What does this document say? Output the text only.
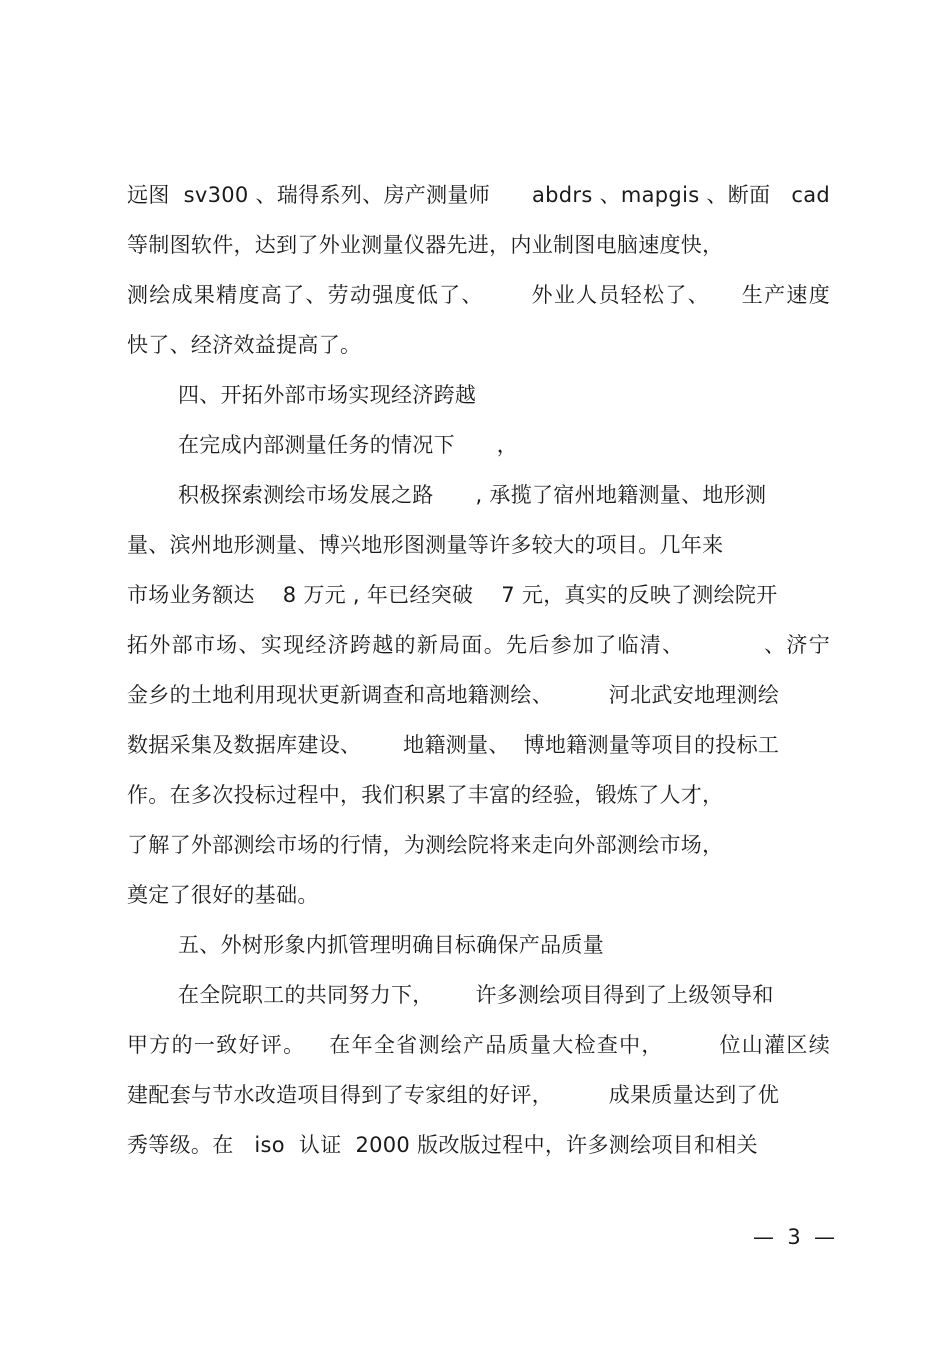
远图  sv300 、瑞得系列、房产测量师      abdrs 、mapgis 、断面   cad
等制图软件，达到了外业测量仪器先进，内业制图电脑速度快，
测绘成果精度高了、劳动强度低了、      外业人员轻松了、    生产速度
快了、经济效益提高了。
四、开拓外部市场实现经济跨越
在完成内部测量任务的情况下      ，
积极探索测绘市场发展之路      , 承揽了宿州地籍测量、地形测
量、滨州地形测量、博兴地形图测量等许多较大的项目。几年来
市场业务额达    8 万元 , 年已经突破    7 元，真实的反映了测绘院开
拓外部市场、实现经济跨越的新局面。先后参加了临清、          、济宁
金乡的土地利用现状更新调查和高地籍测绘、        河北武安地理测绘
数据采集及数据库建设、      地籍测量、  博地籍测量等项目的投标工
作。在多次投标过程中，我们积累了丰富的经验，锻炼了人才，
了解了外部测绘市场的行情，为测绘院将来走向外部测绘市场，
奠定了很好的基础。
五、外树形象内抓管理明确目标确保产品质量
在全院职工的共同努力下，      许多测绘项目得到了上级领导和
甲方的一致好评。   在年全省测绘产品质量大检查中，       位山灌区续
建配套与节水改造项目得到了专家组的好评，        成果质量达到了优
秀等级。在   iso  认证  2000 版改版过程中，许多测绘项目和相关
—  3  —
